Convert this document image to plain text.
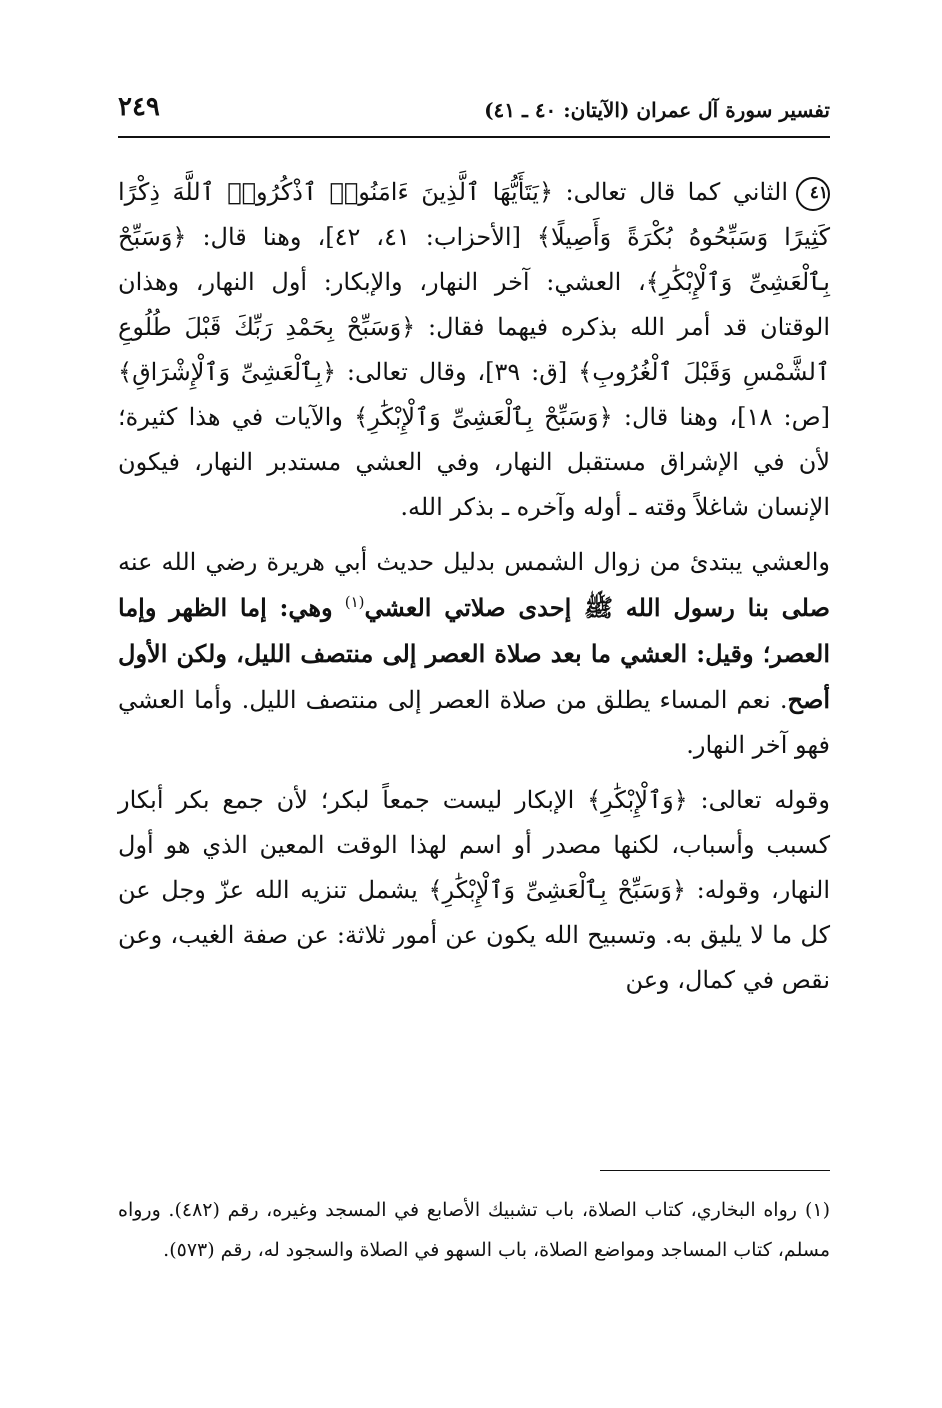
تفسير سورة آل عمران (الآيتان: ٤٠ ـ ٤١)
٢٤٩

٤١الثاني كما قال تعالى: ﴿يَتَأَيُّهَا ٱلَّذِينَ ءَامَنُوا۟ ٱذْكُرُوا۟ ٱللَّهَ ذِكْرًا كَثِيرًا وَسَبِّحُوهُ بُكْرَةً وَأَصِيلًا﴾ [الأحزاب: ٤١، ٤٢]، وهنا قال: ﴿وَسَبِّحْ بِٱلْعَشِىِّ وَٱلْإِبْكَٰرِ﴾، العشي: آخر النهار، والإبكار: أول النهار، وهذان الوقتان قد أمر الله بذكره فيهما فقال: ﴿وَسَبِّحْ بِحَمْدِ رَبِّكَ قَبْلَ طُلُوعِ ٱلشَّمْسِ وَقَبْلَ ٱلْغُرُوبِ﴾ [ق: ٣٩]، وقال تعالى: ﴿بِٱلْعَشِىِّ وَٱلْإِشْرَاقِ﴾ [ص: ١٨]، وهنا قال: ﴿وَسَبِّحْ بِٱلْعَشِىِّ وَٱلْإِبْكَٰرِ﴾ والآيات في هذا كثيرة؛ لأن في الإشراق مستقبل النهار، وفي العشي مستدبر النهار، فيكون الإنسان شاغلاً وقته ـ أوله وآخره ـ بذكر الله.

والعشي يبتدئ من زوال الشمس بدليل حديث أبي هريرة رضي الله عنه صلى بنا رسول الله ﷺ إحدى صلاتي العشي$^{(١)}$ وهي: إما الظهر وإما العصر؛ وقيل: العشي ما بعد صلاة العصر إلى منتصف الليل، ولكن الأول أصح. نعم المساء يطلق من صلاة العصر إلى منتصف الليل. وأما العشي فهو آخر النهار.

وقوله تعالى: ﴿وَٱلْإِبْكَٰرِ﴾ الإبكار ليست جمعاً لبكر؛ لأن جمع بكر أبكار كسبب وأسباب، لكنها مصدر أو اسم لهذا الوقت المعين الذي هو أول النهار، وقوله: ﴿وَسَبِّحْ بِٱلْعَشِىِّ وَٱلْإِبْكَٰرِ﴾ يشمل تنزيه الله عزّ وجل عن كل ما لا يليق به. وتسبيح الله يكون عن أمور ثلاثة: عن صفة الغيب، وعن نقص في كمال، وعن

(١)رواه البخاري، كتاب الصلاة، باب تشبيك الأصابع في المسجد وغيره، رقم (٤٨٢). ورواه مسلم، كتاب المساجد ومواضع الصلاة، باب السهو في الصلاة والسجود له، رقم (٥٧٣).
